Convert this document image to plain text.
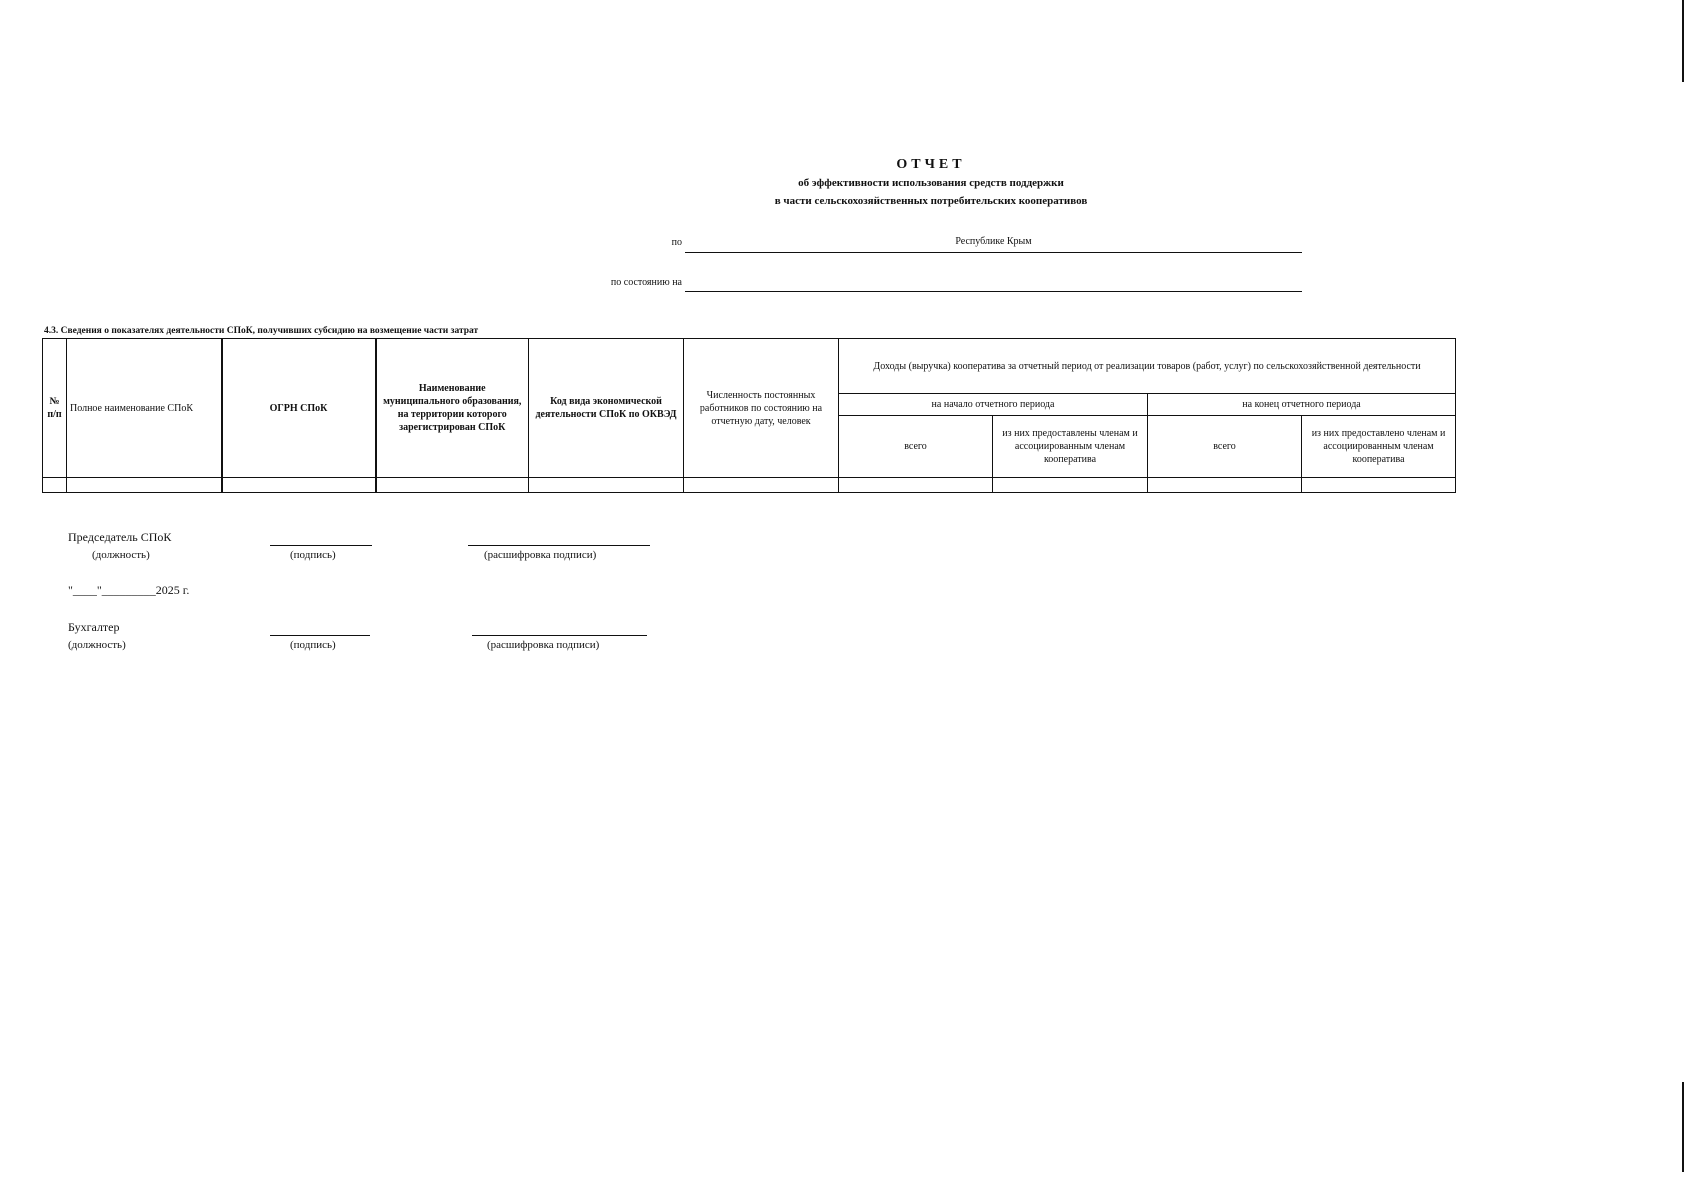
ОТЧЕТ
об эффективности использования средств поддержки
в части сельскохозяйственных потребительских кооперативов
по	Республике Крым
по состоянию на
4.3. Сведения о показателях деятельности СПоК, получивших субсидию на возмещение части затрат
№ п/п	Полное наименование СПоК	ОГРН СПоК	Наименование муниципального образования, на территории которого зарегистрирован СПоК	Код вида экономической деятельности СПоК по ОКВЭД	Численность постоянных работников по состоянию на отчетную дату, человек	Доходы (выручка) кооператива за отчетный период от реализации товаров (работ, услуг) по сельскохозяйственной деятельности			
						на начало отчетного периода		на конец отчетного периода	
						всего	из них предоставлены членам и ассоциированным членам кооператива	всего	из них предоставлено членам и ассоциированным членам кооператива

Председатель СПоК
(должность)	(подпись)	(расшифровка подписи)
"____"_________2025 г.
Бухгалтер
(должность)	(подпись)	(расшифровка подписи)
